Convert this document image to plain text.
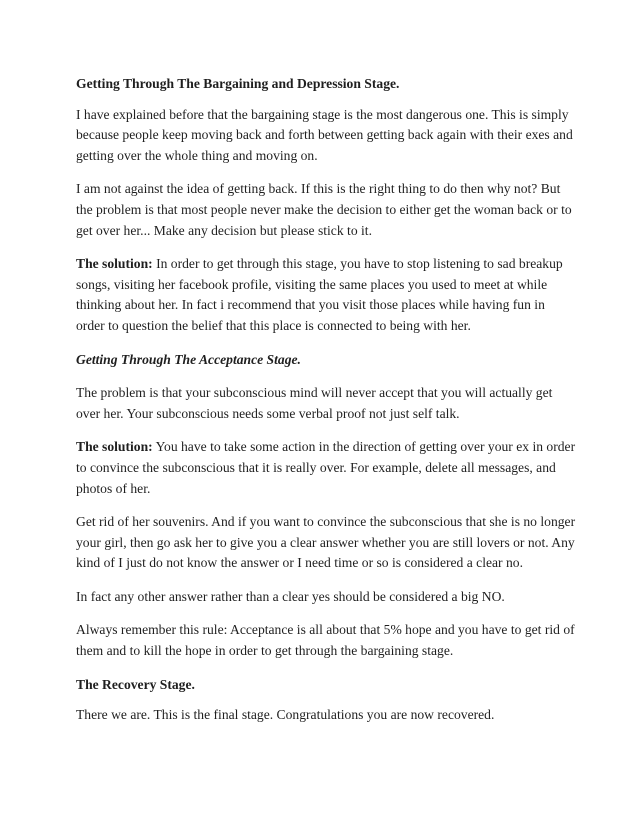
Getting Through The Bargaining and Depression Stage.

I have explained before that the bargaining stage is the most dangerous one. This is simply because people keep moving back and forth between getting back again with their exes and getting over the whole thing and moving on.

I am not against the idea of getting back. If this is the right thing to do then why not? But the problem is that most people never make the decision to either get the woman back or to get over her... Make any decision but please stick to it.

The solution: In order to get through this stage, you have to stop listening to sad breakup songs, visiting her facebook profile, visiting the same places you used to meet at while thinking about her. In fact i recommend that you visit those places while having fun in order to question the belief that this place is connected to being with her.

Getting Through The Acceptance Stage.

The problem is that your subconscious mind will never accept that you will actually get over her. Your subconscious needs some verbal proof not just self talk.

The solution: You have to take some action in the direction of getting over your ex in order to convince the subconscious that it is really over. For example, delete all messages, and photos of her.

Get rid of her souvenirs. And if you want to convince the subconscious that she is no longer your girl, then go ask her to give you a clear answer whether you are still lovers or not. Any kind of I just do not know the answer or I need time or so is considered a clear no.

In fact any other answer rather than a clear yes should be considered a big NO.

Always remember this rule: Acceptance is all about that 5% hope and you have to get rid of them and to kill the hope in order to get through the bargaining stage.

The Recovery Stage.

There we are. This is the final stage. Congratulations you are now recovered.
